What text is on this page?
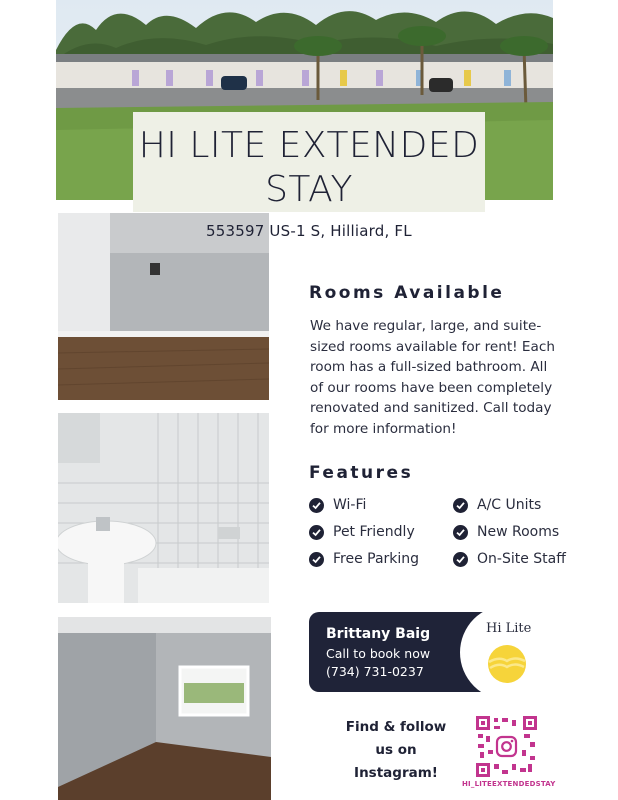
HI LITE EXTENDED
STAY
553597 US-1 S, Hilliard, FL
Rooms Available
We have regular, large, and suite-sized rooms available for rent! Each room has a full-sized bathroom. All of our rooms have been completely renovated and sanitized. Call today for more information!
Features
Wi-Fi	A/C Units
Pet Friendly	New Rooms
Free Parking	On-Site Staff
Brittany Baig
Call to book now
(734) 731-0237
Hi Lite
Find & follow
us on
Instagram!
HI_LITEEXTENDEDSTAY
